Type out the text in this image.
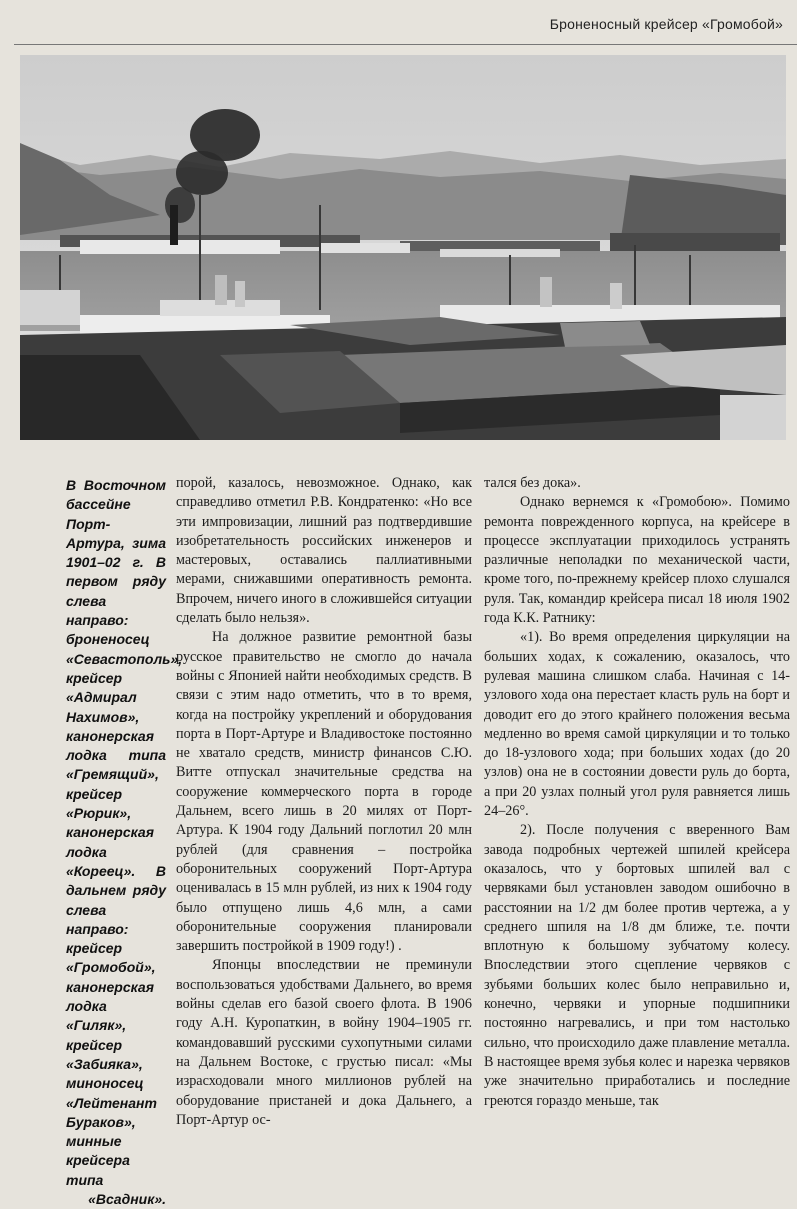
Броненосный крейсер «Громобой»
В Восточном бассейне Порт-Артура, зима 1901–02 г. В первом ряду слева направо: броненосец «Севастополь», крейсер «Адмирал Нахимов», канонерская лодка типа «Гремящий», крейсер «Рюрик», канонерская лодка «Кореец». В дальнем ряду слева направо: крейсер «Громобой», канонерская лодка «Гиляк», крейсер «Забияка», миноносец «Лейтенант Бураков», минные крейсера типа «Всадник».

порой, казалось, невозможное. Однако, как справедливо отметил Р.В. Кондратенко: «Но все эти импровизации, лишний раз подтвердившие изобретательность российских инженеров и мастеровых, оставались паллиативными мерами, снижавшими оперативность ремонта. Впрочем, ничего иного в сложившейся ситуации сделать было нельзя».

На должное развитие ремонтной базы русское правительство не смогло до начала войны с Японией найти необходимых средств. В связи с этим надо отметить, что в то время, когда на постройку укреплений и оборудования порта в Порт-Артуре и Владивостоке постоянно не хватало средств, министр финансов С.Ю. Витте отпускал значительные средства на сооружение коммерческого порта в городе Дальнем, всего лишь в 20 милях от Порт-Артура. К 1904 году Дальний поглотил 20 млн рублей (для сравнения – постройка оборонительных сооружений Порт-Артура оценивалась в 15 млн рублей, из них к 1904 году было отпущено лишь 4,6 млн, а сами оборонительные сооружения планировали завершить постройкой в 1909 году!) .

Японцы впоследствии не преминули воспользоваться удобствами Дальнего, во время войны сделав его базой своего флота. В 1906 году А.Н. Куропаткин, в войну 1904–1905 гг. командовавший русскими сухопутными силами на Дальнем Востоке, с грустью писал: «Мы израсходовали много миллионов рублей на оборудование пристаней и дока Дальнего, а Порт-Артур ос-

тался без дока».

Однако вернемся к «Громобою». Помимо ремонта поврежденного корпуса, на крейсере в процессе эксплуатации приходилось устранять различные неполадки по механической части, кроме того, по-прежнему крейсер плохо слушался руля. Так, командир крейсера писал 18 июля 1902 года К.К. Ратнику:

«1). Во время определения циркуляции на больших ходах, к сожалению, оказалось, что рулевая машина слишком слаба. Начиная с 14-узлового хода она перестает класть руль на борт и доводит его до этого крайнего положения весьма медленно во время самой циркуляции и то только до 18-узлового хода; при больших ходах (до 20 узлов) она не в состоянии довести руль до борта, а при 20 узлах полный угол руля равняется лишь 24–26°.

2). После получения с вверенного Вам завода подробных чертежей шпилей крейсера оказалось, что у бортовых шпилей вал с червяками был установлен заводом ошибочно в расстоянии на 1/2 дм более против чертежа, а у среднего шпиля на 1/8 дм ближе, т.е. почти вплотную к большому зубчатому колесу. Впоследствии этого сцепление червяков с зубьями больших колес было неправильно и, конечно, червяки и упорные подшипники постоянно нагревались, и при том настолько сильно, что происходило даже плавление металла. В настоящее время зубья колес и нарезка червяков уже значительно приработались и последние греются гораздо меньше, так
